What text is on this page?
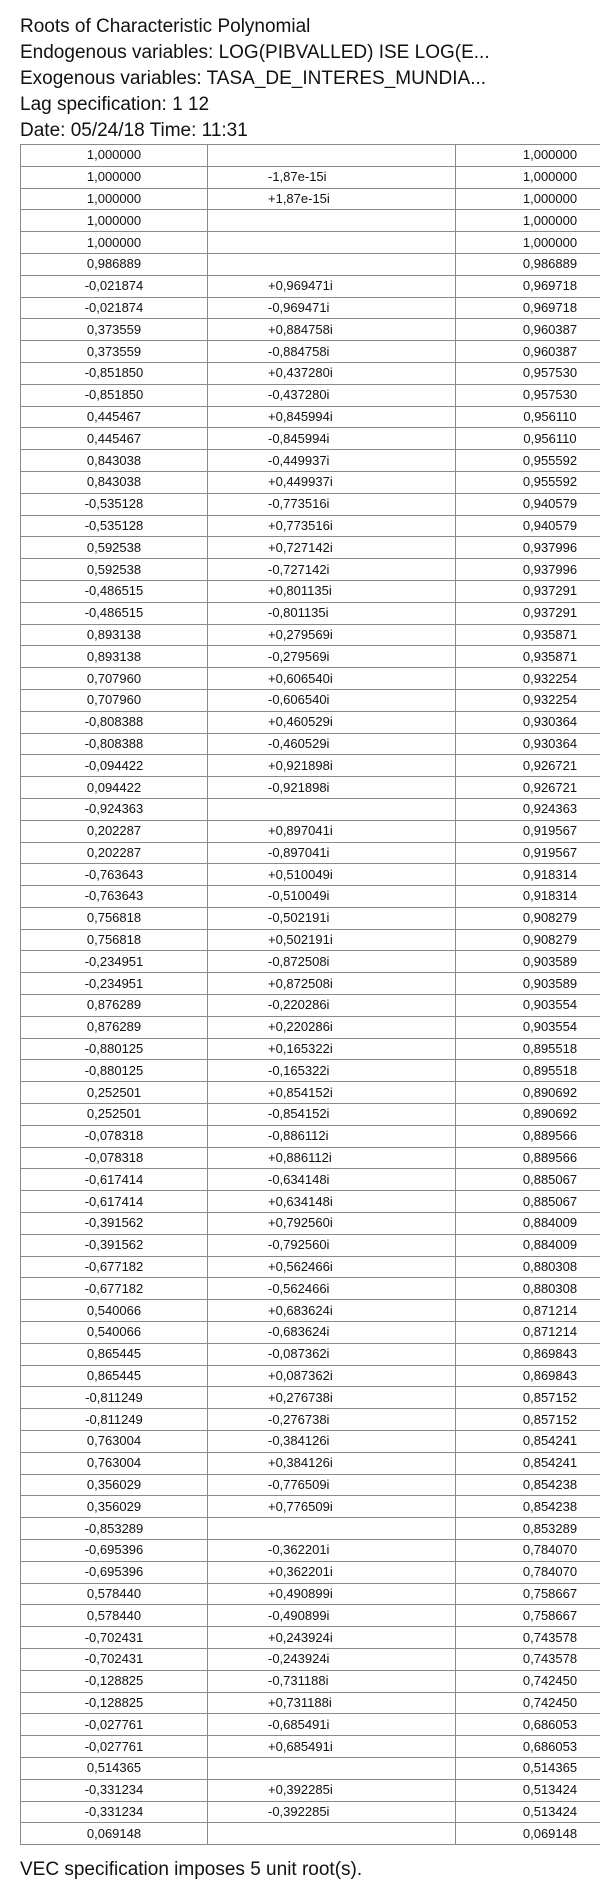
Roots of Characteristic Polynomial
Endogenous variables: LOG(PIBVALLED) ISE LOG(E...
Exogenous variables: TASA_DE_INTERES_MUNDIA...
Lag specification: 1 12
Date: 05/24/18 Time: 11:31
1,000000		1,000000
1,000000	-1,87e-15i	1,000000
1,000000	+1,87e-15i	1,000000
1,000000		1,000000
1,000000		1,000000
0,986889		0,986889
-0,021874	+0,969471i	0,969718
-0,021874	-0,969471i	0,969718
0,373559	+0,884758i	0,960387
0,373559	-0,884758i	0,960387
-0,851850	+0,437280i	0,957530
-0,851850	-0,437280i	0,957530
0,445467	+0,845994i	0,956110
0,445467	-0,845994i	0,956110
0,843038	-0,449937i	0,955592
0,843038	+0,449937i	0,955592
-0,535128	-0,773516i	0,940579
-0,535128	+0,773516i	0,940579
0,592538	+0,727142i	0,937996
0,592538	-0,727142i	0,937996
-0,486515	+0,801135i	0,937291
-0,486515	-0,801135i	0,937291
0,893138	+0,279569i	0,935871
0,893138	-0,279569i	0,935871
0,707960	+0,606540i	0,932254
0,707960	-0,606540i	0,932254
-0,808388	+0,460529i	0,930364
-0,808388	-0,460529i	0,930364
-0,094422	+0,921898i	0,926721
0,094422	-0,921898i	0,926721
-0,924363		0,924363
0,202287	+0,897041i	0,919567
0,202287	-0,897041i	0,919567
-0,763643	+0,510049i	0,918314
-0,763643	-0,510049i	0,918314
0,756818	-0,502191i	0,908279
0,756818	+0,502191i	0,908279
-0,234951	-0,872508i	0,903589
-0,234951	+0,872508i	0,903589
0,876289	-0,220286i	0,903554
0,876289	+0,220286i	0,903554
-0,880125	+0,165322i	0,895518
-0,880125	-0,165322i	0,895518
0,252501	+0,854152i	0,890692
0,252501	-0,854152i	0,890692
-0,078318	-0,886112i	0,889566
-0,078318	+0,886112i	0,889566
-0,617414	-0,634148i	0,885067
-0,617414	+0,634148i	0,885067
-0,391562	+0,792560i	0,884009
-0,391562	-0,792560i	0,884009
-0,677182	+0,562466i	0,880308
-0,677182	-0,562466i	0,880308
0,540066	+0,683624i	0,871214
0,540066	-0,683624i	0,871214
0,865445	-0,087362i	0,869843
0,865445	+0,087362i	0,869843
-0,811249	+0,276738i	0,857152
-0,811249	-0,276738i	0,857152
0,763004	-0,384126i	0,854241
0,763004	+0,384126i	0,854241
0,356029	-0,776509i	0,854238
0,356029	+0,776509i	0,854238
-0,853289		0,853289
-0,695396	-0,362201i	0,784070
-0,695396	+0,362201i	0,784070
0,578440	+0,490899i	0,758667
0,578440	-0,490899i	0,758667
-0,702431	+0,243924i	0,743578
-0,702431	-0,243924i	0,743578
-0,128825	-0,731188i	0,742450
-0,128825	+0,731188i	0,742450
-0,027761	-0,685491i	0,686053
-0,027761	+0,685491i	0,686053
0,514365		0,514365
-0,331234	+0,392285i	0,513424
-0,331234	-0,392285i	0,513424
0,069148		0,069148
VEC specification imposes 5 unit root(s).
